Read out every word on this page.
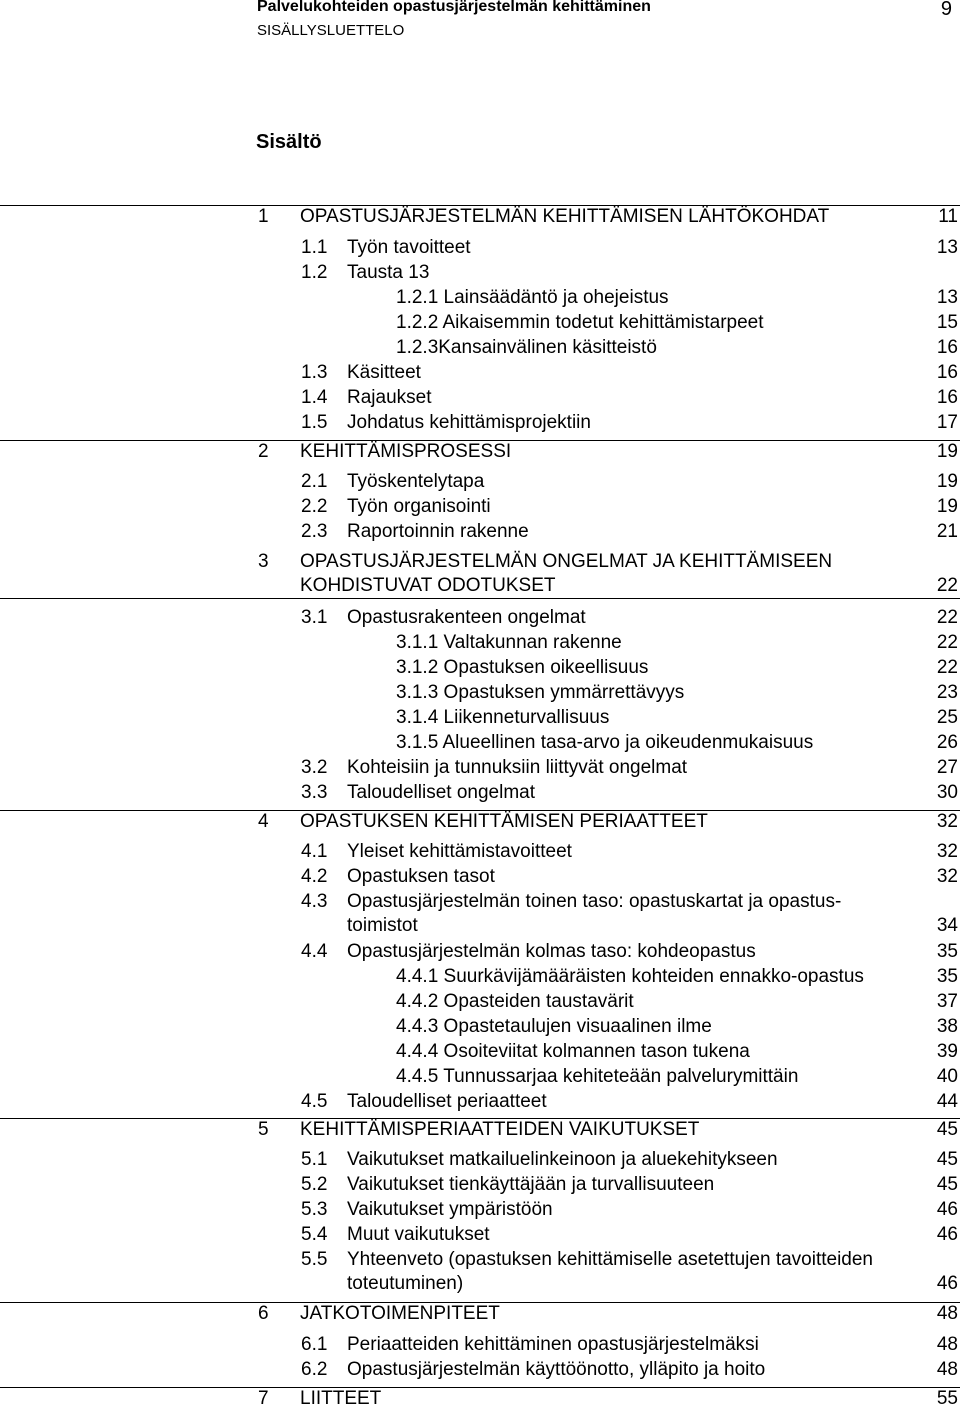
Palvelukohteiden opastusjärjestelmän kehittäminen
SISÄLLYSLUETTELO
9
Sisältö
1 OPASTUSJÄRJESTELMÄN KEHITTÄMISEN LÄHTÖKOHDAT	11
1.1 Työn tavoitteet	13
1.2 Tausta 13
1.2.1 Lainsäädäntö ja ohejeistus	13
1.2.2 Aikaisemmin todetut kehittämistarpeet	15
1.2.3Kansainvälinen käsitteistö	16
1.3 Käsitteet	16
1.4 Rajaukset	16
1.5 Johdatus kehittämisprojektiin	17
2 KEHITTÄMISPROSESSI	19
2.1 Työskentelytapa	19
2.2 Työn organisointi	19
2.3 Raportoinnin rakenne	21
3 OPASTUSJÄRJESTELMÄN ONGELMAT JA KEHITTÄMISEEN KOHDISTUVAT ODOTUKSET	22
3.1 Opastusrakenteen ongelmat	22
3.1.1 Valtakunnan rakenne	22
3.1.2 Opastuksen oikeellisuus	22
3.1.3 Opastuksen ymmärrettävyys	23
3.1.4 Liikenneturvallisuus	25
3.1.5 Alueellinen tasa-arvo ja oikeudenmukaisuus	26
3.2 Kohteisiin ja tunnuksiin liittyvät ongelmat	27
3.3 Taloudelliset ongelmat	30
4 OPASTUKSEN KEHITTÄMISEN PERIAATTEET	32
4.1 Yleiset kehittämistavoitteet	32
4.2 Opastuksen tasot	32
4.3 Opastusjärjestelmän toinen taso: opastuskartat ja opastus- toimistot	34
4.4 Opastusjärjestelmän kolmas taso: kohdeopastus	35
4.4.1 Suurkävijämääräisten kohteiden ennakko-opastus	35
4.4.2 Opasteiden taustavärit	37
4.4.3 Opastetaulujen visuaalinen ilme	38
4.4.4 Osoiteviitat kolmannen tason tukena	39
4.4.5 Tunnussarjaa kehiteteään palvelurymittäin	40
4.5 Taloudelliset periaatteet	44
5 KEHITTÄMISPERIAATTEIDEN VAIKUTUKSET	45
5.1 Vaikutukset matkailuelinkeinoon ja aluekehitykseen	45
5.2 Vaikutukset tienkäyttäjään ja turvallisuuteen	45
5.3 Vaikutukset ympäristöön	46
5.4 Muut vaikutukset	46
5.5 Yhteenveto (opastuksen kehittämiselle asetettujen tavoitteiden toteutuminen)	46
6 JATKOTOIMENPITEET	48
6.1 Periaatteiden kehittäminen opastusjärjestelmäksi	48
6.2 Opastusjärjestelmän käyttöönotto, ylläpito ja hoito	48
7 LIITTEET	55
